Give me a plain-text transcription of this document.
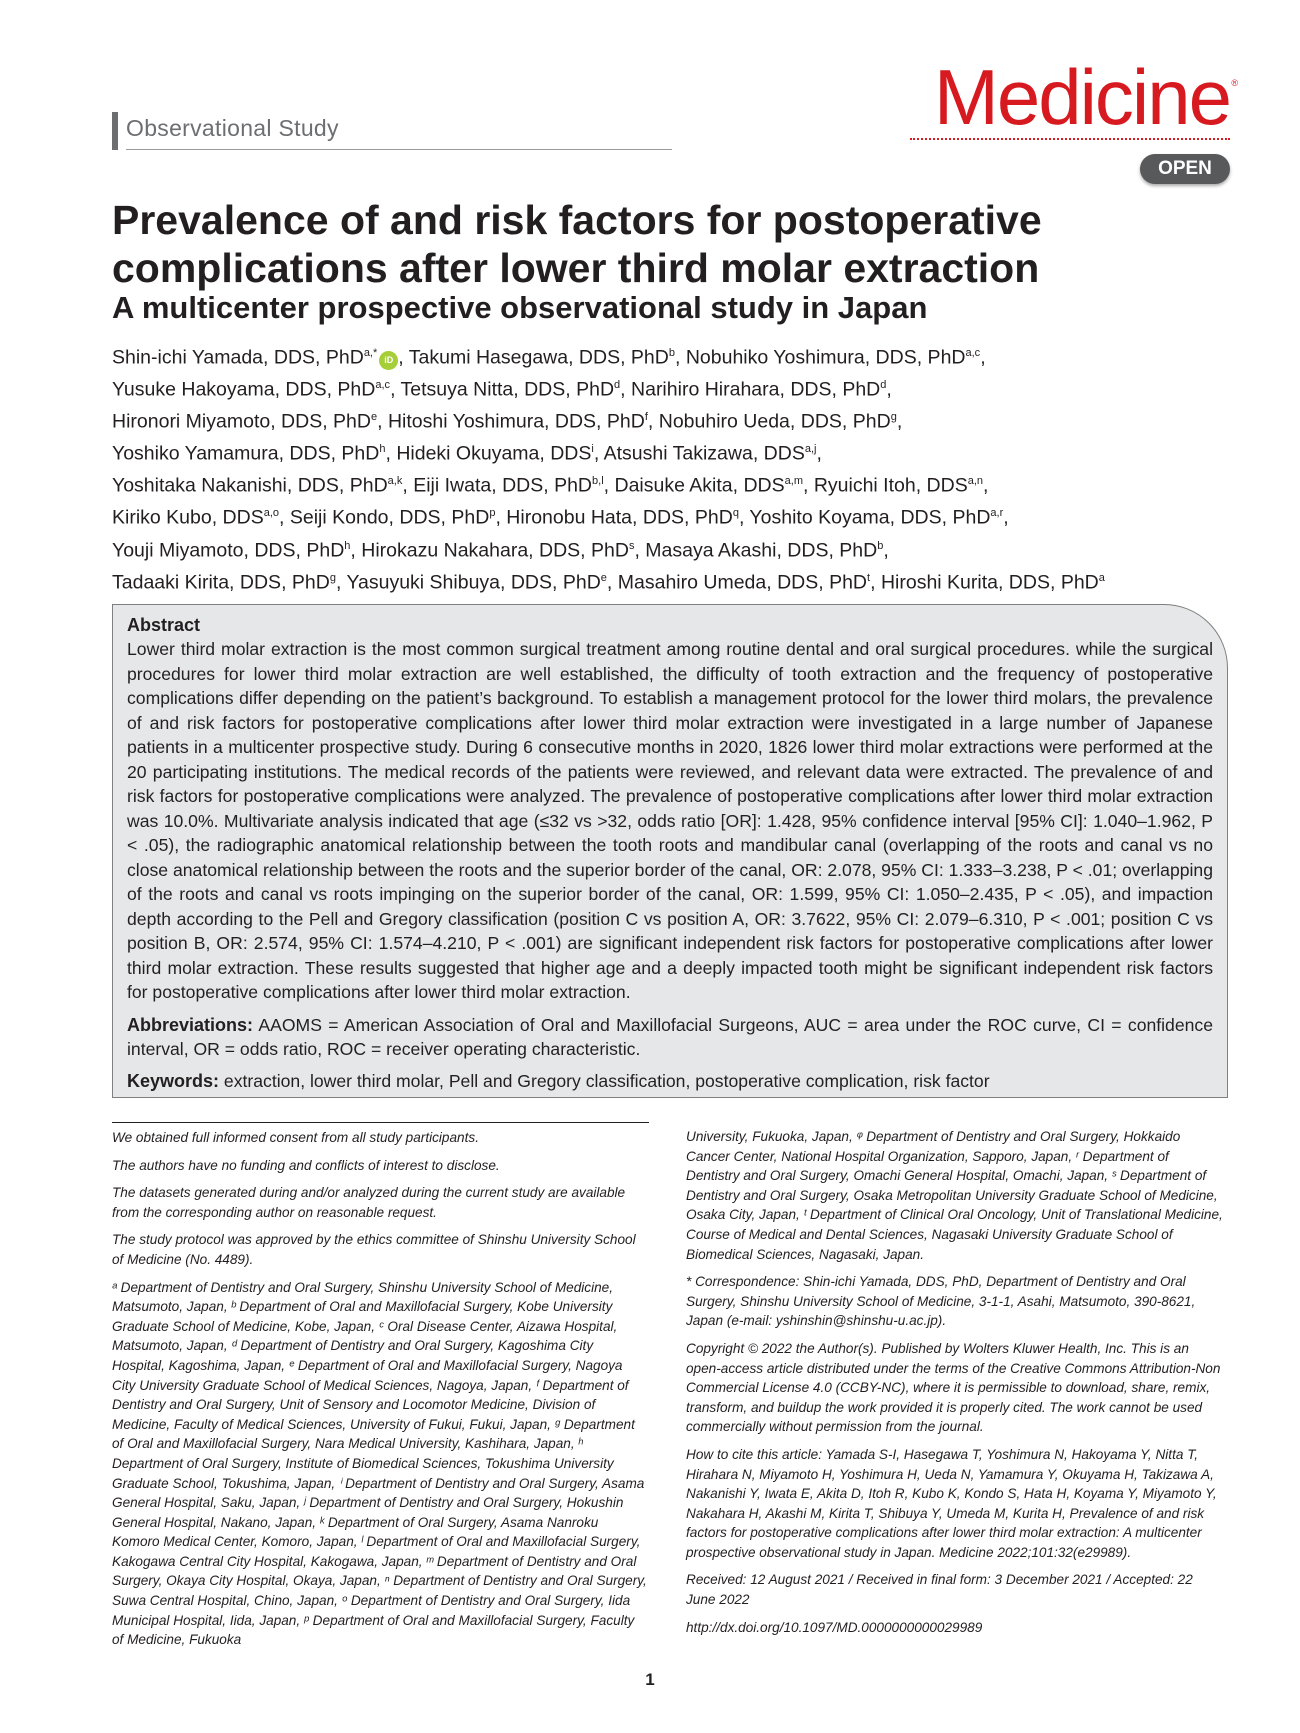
Observational Study	Medicine ®
OPEN
Prevalence of and risk factors for postoperative complications after lower third molar extraction
A multicenter prospective observational study in Japan
Shin-ichi Yamada, DDS, PhD$^{a,*}$iD , Takumi Hasegawa, DDS, PhD$^b$, Nobuhiko Yoshimura, DDS, PhD$^{a,c}$,
Yusuke Hakoyama, DDS, PhD$^{a,c}$, Tetsuya Nitta, DDS, PhD$^d$, Narihiro Hirahara, DDS, PhD$^d$,
Hironori Miyamoto, DDS, PhD$^e$, Hitoshi Yoshimura, DDS, PhD$^f$, Nobuhiro Ueda, DDS, PhD$^g$,
Yoshiko Yamamura, DDS, PhD$^h$, Hideki Okuyama, DDS$^i$, Atsushi Takizawa, DDS$^{a,j}$,
Yoshitaka Nakanishi, DDS, PhD$^{a,k}$, Eiji Iwata, DDS, PhD$^{b,l}$, Daisuke Akita, DDS$^{a,m}$, Ryuichi Itoh, DDS$^{a,n}$,
Kiriko Kubo, DDS$^{a,o}$, Seiji Kondo, DDS, PhD$^p$, Hironobu Hata, DDS, PhD$^q$, Yoshito Koyama, DDS, PhD$^{a,r}$,
Youji Miyamoto, DDS, PhD$^h$, Hirokazu Nakahara, DDS, PhD$^s$, Masaya Akashi, DDS, PhD$^b$,
Tadaaki Kirita, DDS, PhD$^g$, Yasuyuki Shibuya, DDS, PhD$^e$, Masahiro Umeda, DDS, PhD$^t$, Hiroshi Kurita, DDS, PhD$^a$
Abstract

Lower third molar extraction is the most common surgical treatment among routine dental and oral surgical procedures. while the surgical procedures for lower third molar extraction are well established, the difficulty of tooth extraction and the frequency of postoperative complications differ depending on the patient’s background. To establish a management protocol for the lower third molars, the prevalence of and risk factors for postoperative complications after lower third molar extraction were investigated in a large number of Japanese patients in a multicenter prospective study. During 6 consecutive months in 2020, 1826 lower third molar extractions were performed at the 20 participating institutions. The medical records of the patients were reviewed, and relevant data were extracted. The prevalence of and risk factors for postoperative complications were analyzed. The prevalence of postoperative complications after lower third molar extraction was 10.0%. Multivariate analysis indicated that age (≤32 vs >32, odds ratio [OR]: 1.428, 95% confidence interval [95% CI]: 1.040–1.962, P < .05), the radiographic anatomical relationship between the tooth roots and mandibular canal (overlapping of the roots and canal vs no close anatomical relationship between the roots and the superior border of the canal, OR: 2.078, 95% CI: 1.333–3.238, P < .01; overlapping of the roots and canal vs roots impinging on the superior border of the canal, OR: 1.599, 95% CI: 1.050–2.435, P < .05), and impaction depth according to the Pell and Gregory classification (position C vs position A, OR: 3.7622, 95% CI: 2.079–6.310, P < .001; position C vs position B, OR: 2.574, 95% CI: 1.574–4.210, P < .001) are significant independent risk factors for postoperative complications after lower third molar extraction. These results suggested that higher age and a deeply impacted tooth might be significant independent risk factors for postoperative complications after lower third molar extraction.

Abbreviations: AAOMS = American Association of Oral and Maxillofacial Surgeons, AUC = area under the ROC curve, CI = confidence interval, OR = odds ratio, ROC = receiver operating characteristic.

Keywords: extraction, lower third molar, Pell and Gregory classification, postoperative complication, risk factor

We obtained full informed consent from all study participants.

The authors have no funding and conflicts of interest to disclose.

The datasets generated during and/or analyzed during the current study are available from the corresponding author on reasonable request.

The study protocol was approved by the ethics committee of Shinshu University School of Medicine (No. 4489).

ᵃ Department of Dentistry and Oral Surgery, Shinshu University School of Medicine, Matsumoto, Japan, ᵇ Department of Oral and Maxillofacial Surgery, Kobe University Graduate School of Medicine, Kobe, Japan, ᶜ Oral Disease Center, Aizawa Hospital, Matsumoto, Japan, ᵈ Department of Dentistry and Oral Surgery, Kagoshima City Hospital, Kagoshima, Japan, ᵉ Department of Oral and Maxillofacial Surgery, Nagoya City University Graduate School of Medical Sciences, Nagoya, Japan, ᶠ Department of Dentistry and Oral Surgery, Unit of Sensory and Locomotor Medicine, Division of Medicine, Faculty of Medical Sciences, University of Fukui, Fukui, Japan, ᵍ Department of Oral and Maxillofacial Surgery, Nara Medical University, Kashihara, Japan, ʰ Department of Oral Surgery, Institute of Biomedical Sciences, Tokushima University Graduate School, Tokushima, Japan, ⁱ Department of Dentistry and Oral Surgery, Asama General Hospital, Saku, Japan, ʲ Department of Dentistry and Oral Surgery, Hokushin General Hospital, Nakano, Japan, ᵏ Department of Oral Surgery, Asama Nanroku Komoro Medical Center, Komoro, Japan, ˡ Department of Oral and Maxillofacial Surgery, Kakogawa Central City Hospital, Kakogawa, Japan, ᵐ Department of Dentistry and Oral Surgery, Okaya City Hospital, Okaya, Japan, ⁿ Department of Dentistry and Oral Surgery, Suwa Central Hospital, Chino, Japan, ᵒ Department of Dentistry and Oral Surgery, Iida Municipal Hospital, Iida, Japan, ᵖ Department of Oral and Maxillofacial Surgery, Faculty of Medicine, Fukuoka

University, Fukuoka, Japan, ᵠ Department of Dentistry and Oral Surgery, Hokkaido Cancer Center, National Hospital Organization, Sapporo, Japan, ʳ Department of Dentistry and Oral Surgery, Omachi General Hospital, Omachi, Japan, ˢ Department of Dentistry and Oral Surgery, Osaka Metropolitan University Graduate School of Medicine, Osaka City, Japan, ᵗ Department of Clinical Oral Oncology, Unit of Translational Medicine, Course of Medical and Dental Sciences, Nagasaki University Graduate School of Biomedical Sciences, Nagasaki, Japan.

* Correspondence: Shin-ichi Yamada, DDS, PhD, Department of Dentistry and Oral Surgery, Shinshu University School of Medicine, 3-1-1, Asahi, Matsumoto, 390-8621, Japan (e-mail: yshinshin@shinshu-u.ac.jp).

Copyright © 2022 the Author(s). Published by Wolters Kluwer Health, Inc. This is an open-access article distributed under the terms of the Creative Commons Attribution-Non Commercial License 4.0 (CCBY-NC), where it is permissible to download, share, remix, transform, and buildup the work provided it is properly cited. The work cannot be used commercially without permission from the journal.

How to cite this article: Yamada S-I, Hasegawa T, Yoshimura N, Hakoyama Y, Nitta T, Hirahara N, Miyamoto H, Yoshimura H, Ueda N, Yamamura Y, Okuyama H, Takizawa A, Nakanishi Y, Iwata E, Akita D, Itoh R, Kubo K, Kondo S, Hata H, Koyama Y, Miyamoto Y, Nakahara H, Akashi M, Kirita T, Shibuya Y, Umeda M, Kurita H, Prevalence of and risk factors for postoperative complications after lower third molar extraction: A multicenter prospective observational study in Japan. Medicine 2022;101:32(e29989).

Received: 12 August 2021 / Received in final form: 3 December 2021 / Accepted: 22 June 2022

http://dx.doi.org/10.1097/MD.0000000000029989

1
